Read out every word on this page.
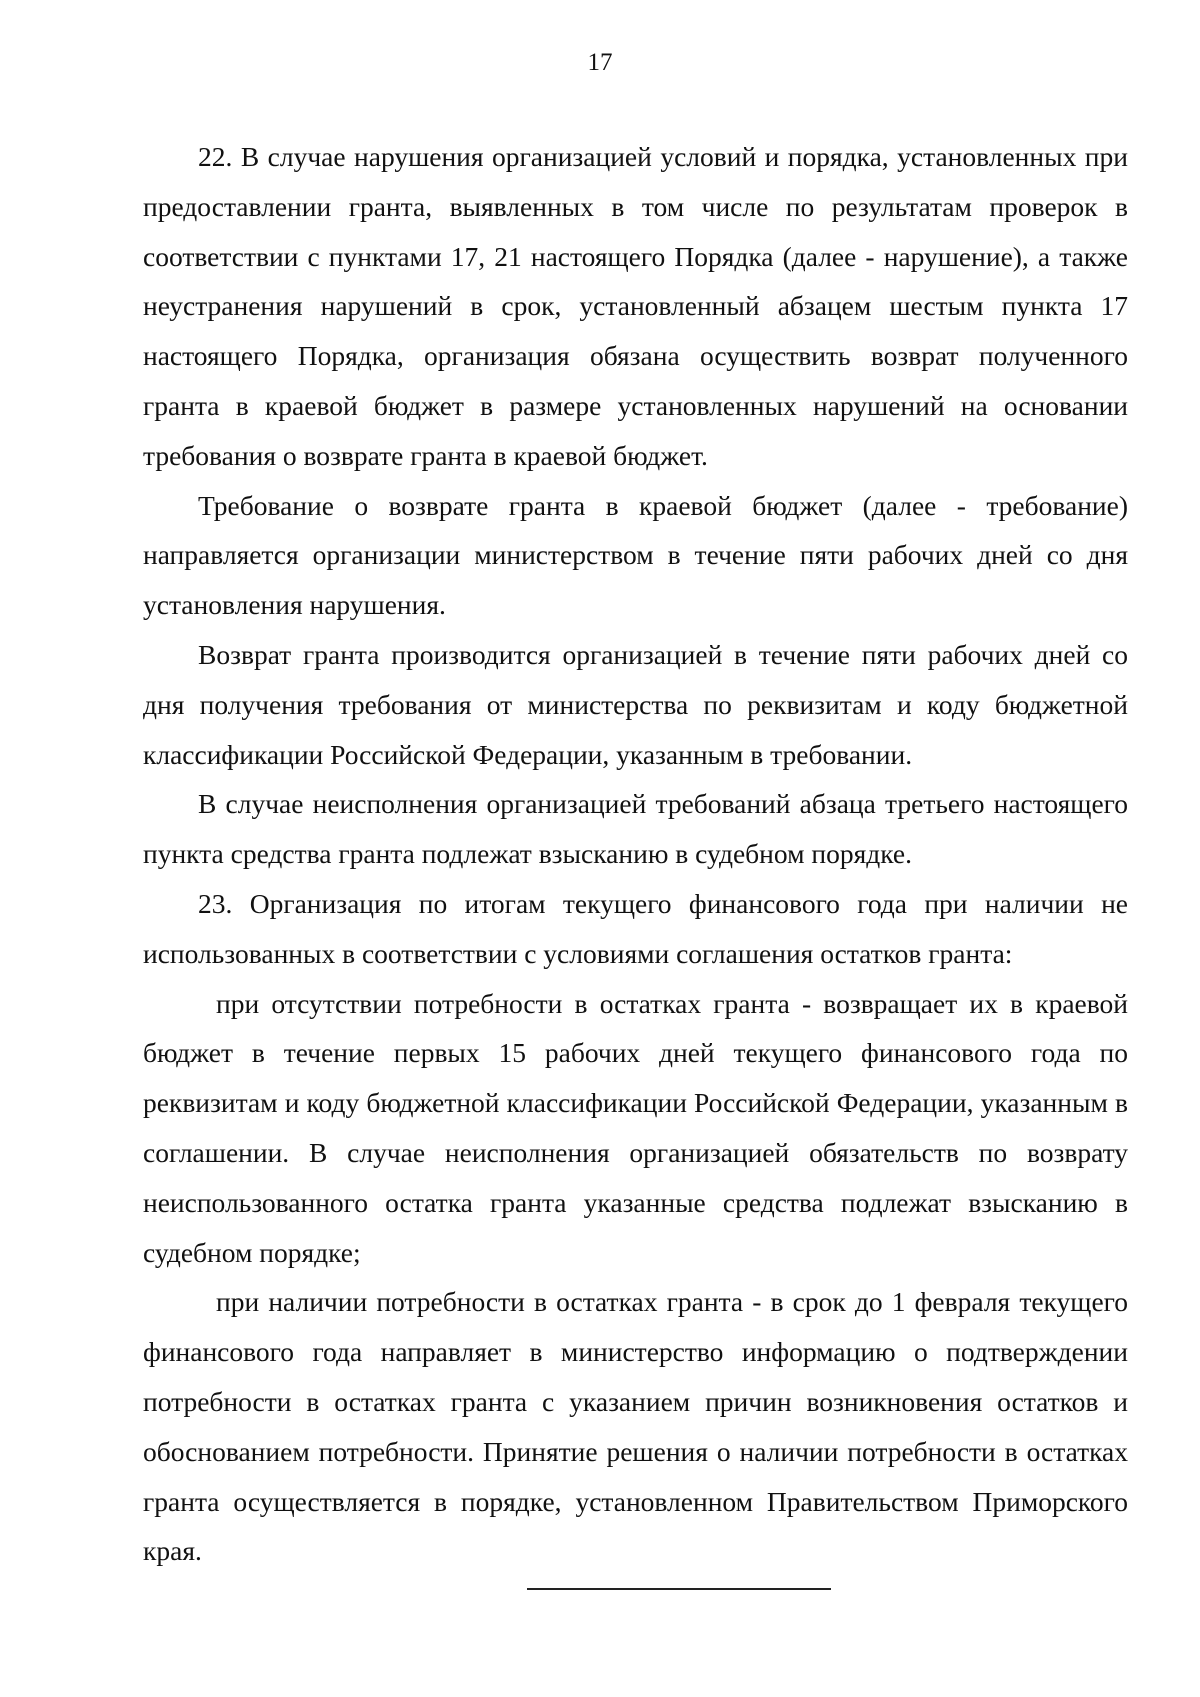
17

22. В случае нарушения организацией условий и порядка, установленных при предоставлении гранта, выявленных в том числе по результатам проверок в соответствии с пунктами 17, 21 настоящего Порядка (далее - нарушение), а также неустранения нарушений в срок, установленный абзацем шестым пункта 17 настоящего Порядка, организация обязана осуществить возврат полученного гранта в краевой бюджет в размере установленных нарушений на основании требования о возврате гранта в краевой бюджет.

Требование о возврате гранта в краевой бюджет (далее - требование) направляется организации министерством в течение пяти рабочих дней со дня установления нарушения.

Возврат гранта производится организацией в течение пяти рабочих дней со дня получения требования от министерства по реквизитам и коду бюджетной классификации Российской Федерации, указанным в требовании.

В случае неисполнения организацией требований абзаца третьего настоящего пункта средства гранта подлежат взысканию в судебном порядке.

23. Организация по итогам текущего финансового года при наличии не использованных в соответствии с условиями соглашения остатков гранта:

при отсутствии потребности в остатках гранта - возвращает их в краевой бюджет в течение первых 15 рабочих дней текущего финансового года по реквизитам и коду бюджетной классификации Российской Федерации, указанным в соглашении. В случае неисполнения организацией обязательств по возврату неиспользованного остатка гранта указанные средства подлежат взысканию в судебном порядке;

при наличии потребности в остатках гранта - в срок до 1 февраля текущего финансового года направляет в министерство информацию о подтверждении потребности в остатках гранта с указанием причин возникновения остатков и обоснованием потребности. Принятие решения о наличии потребности в остатках гранта осуществляется в порядке, установленном Правительством Приморского края.
